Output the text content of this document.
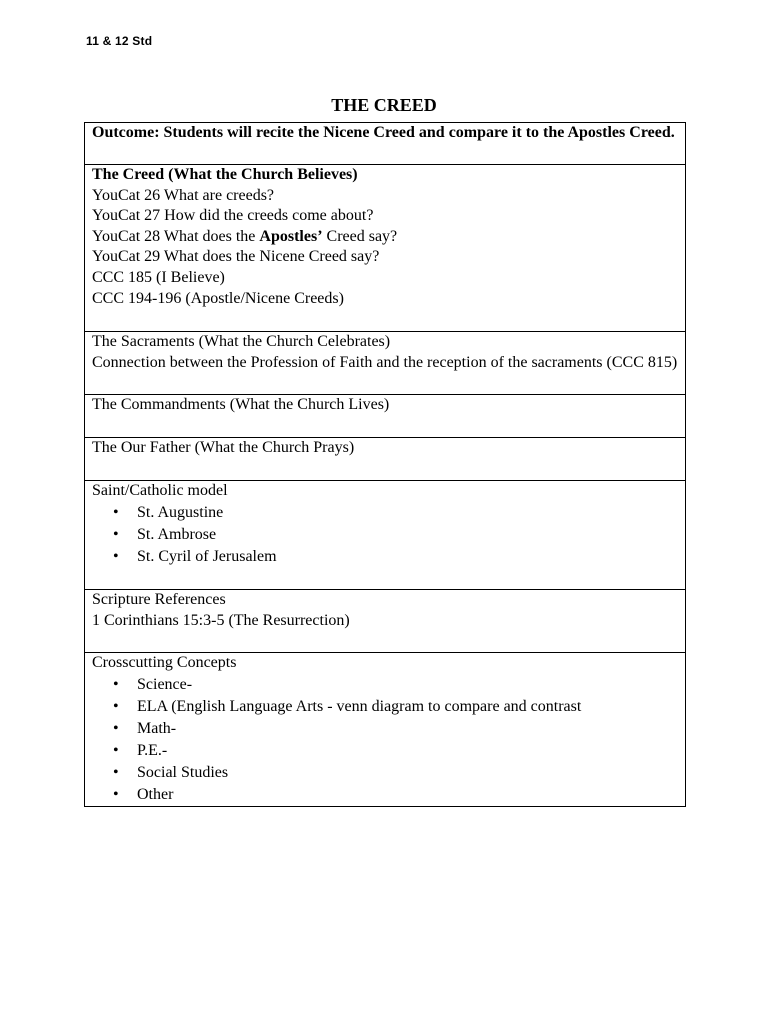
11 & 12 Std
THE CREED
Outcome: Students will recite the Nicene Creed and compare it to the Apostles Creed.

The Creed (What the Church Believes)
YouCat 26 What are creeds?
YouCat 27 How did the creeds come about?
YouCat 28 What does the Apostles’ Creed say?
YouCat 29 What does the Nicene Creed say?
CCC 185 (I Believe)
CCC 194-196 (Apostle/Nicene Creeds)

The Sacraments (What the Church Celebrates)
Connection between the Profession of Faith and the reception of the sacraments (CCC 815)

The Commandments (What the Church Lives)

The Our Father (What the Church Prays)

Saint/Catholic model
• St. Augustine
• St. Ambrose
• St. Cyril of Jerusalem

Scripture References
1 Corinthians 15:3-5 (The Resurrection)

Crosscutting Concepts
• Science-
• ELA (English Language Arts - venn diagram to compare and contrast
• Math-
• P.E.-
• Social Studies
• Other
